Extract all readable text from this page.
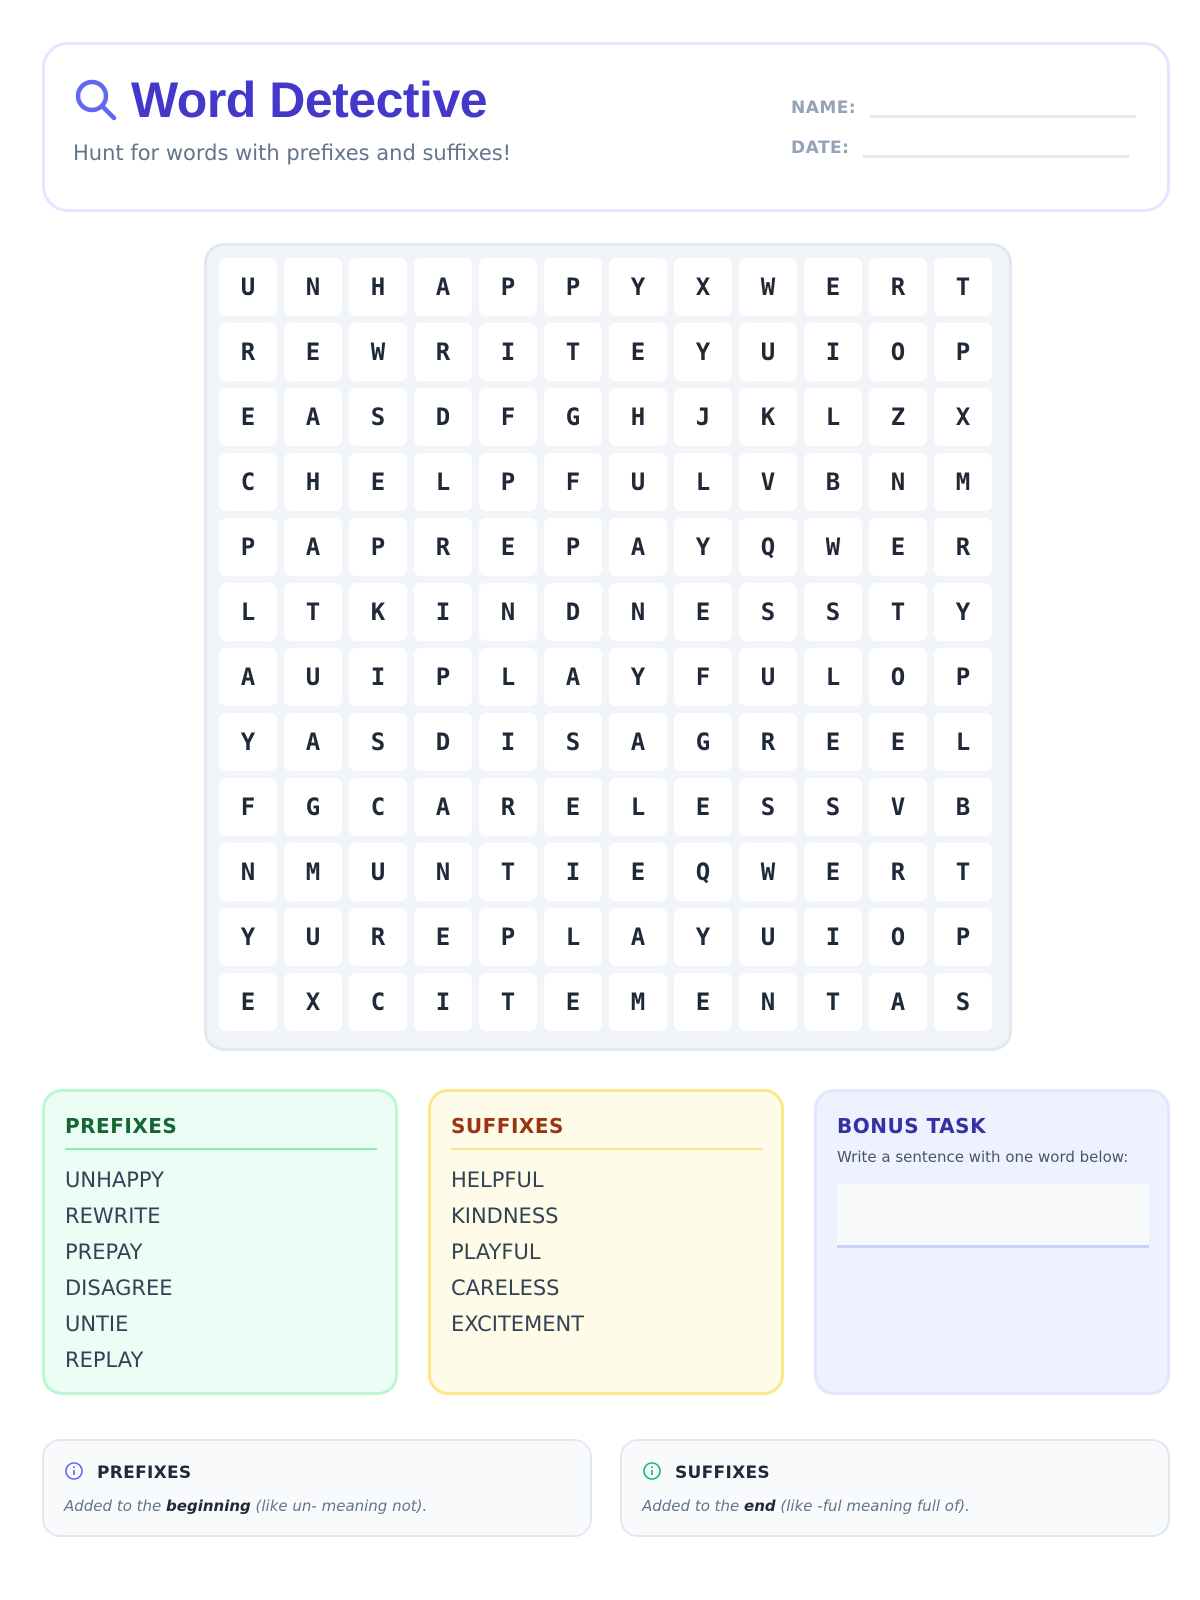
Word Detective
Hunt for words with prefixes and suffixes!
NAME:
DATE:
U	N	H	A	P	P	Y	X	W	E	R	T
R	E	W	R	I	T	E	Y	U	I	O	P
E	A	S	D	F	G	H	J	K	L	Z	X
C	H	E	L	P	F	U	L	V	B	N	M
P	A	P	R	E	P	A	Y	Q	W	E	R
L	T	K	I	N	D	N	E	S	S	T	Y
A	U	I	P	L	A	Y	F	U	L	O	P
Y	A	S	D	I	S	A	G	R	E	E	L
F	G	C	A	R	E	L	E	S	S	V	B
N	M	U	N	T	I	E	Q	W	E	R	T
Y	U	R	E	P	L	A	Y	U	I	O	P
E	X	C	I	T	E	M	E	N	T	A	S
PREFIXES
UNHAPPY
REWRITE
PREPAY
DISAGREE
UNTIE
REPLAY
SUFFIXES
HELPFUL
KINDNESS
PLAYFUL
CARELESS
EXCITEMENT
BONUS TASK
Write a sentence with one word below:
PREFIXES
Added to the beginning (like un- meaning not).
SUFFIXES
Added to the end (like -ful meaning full of).
